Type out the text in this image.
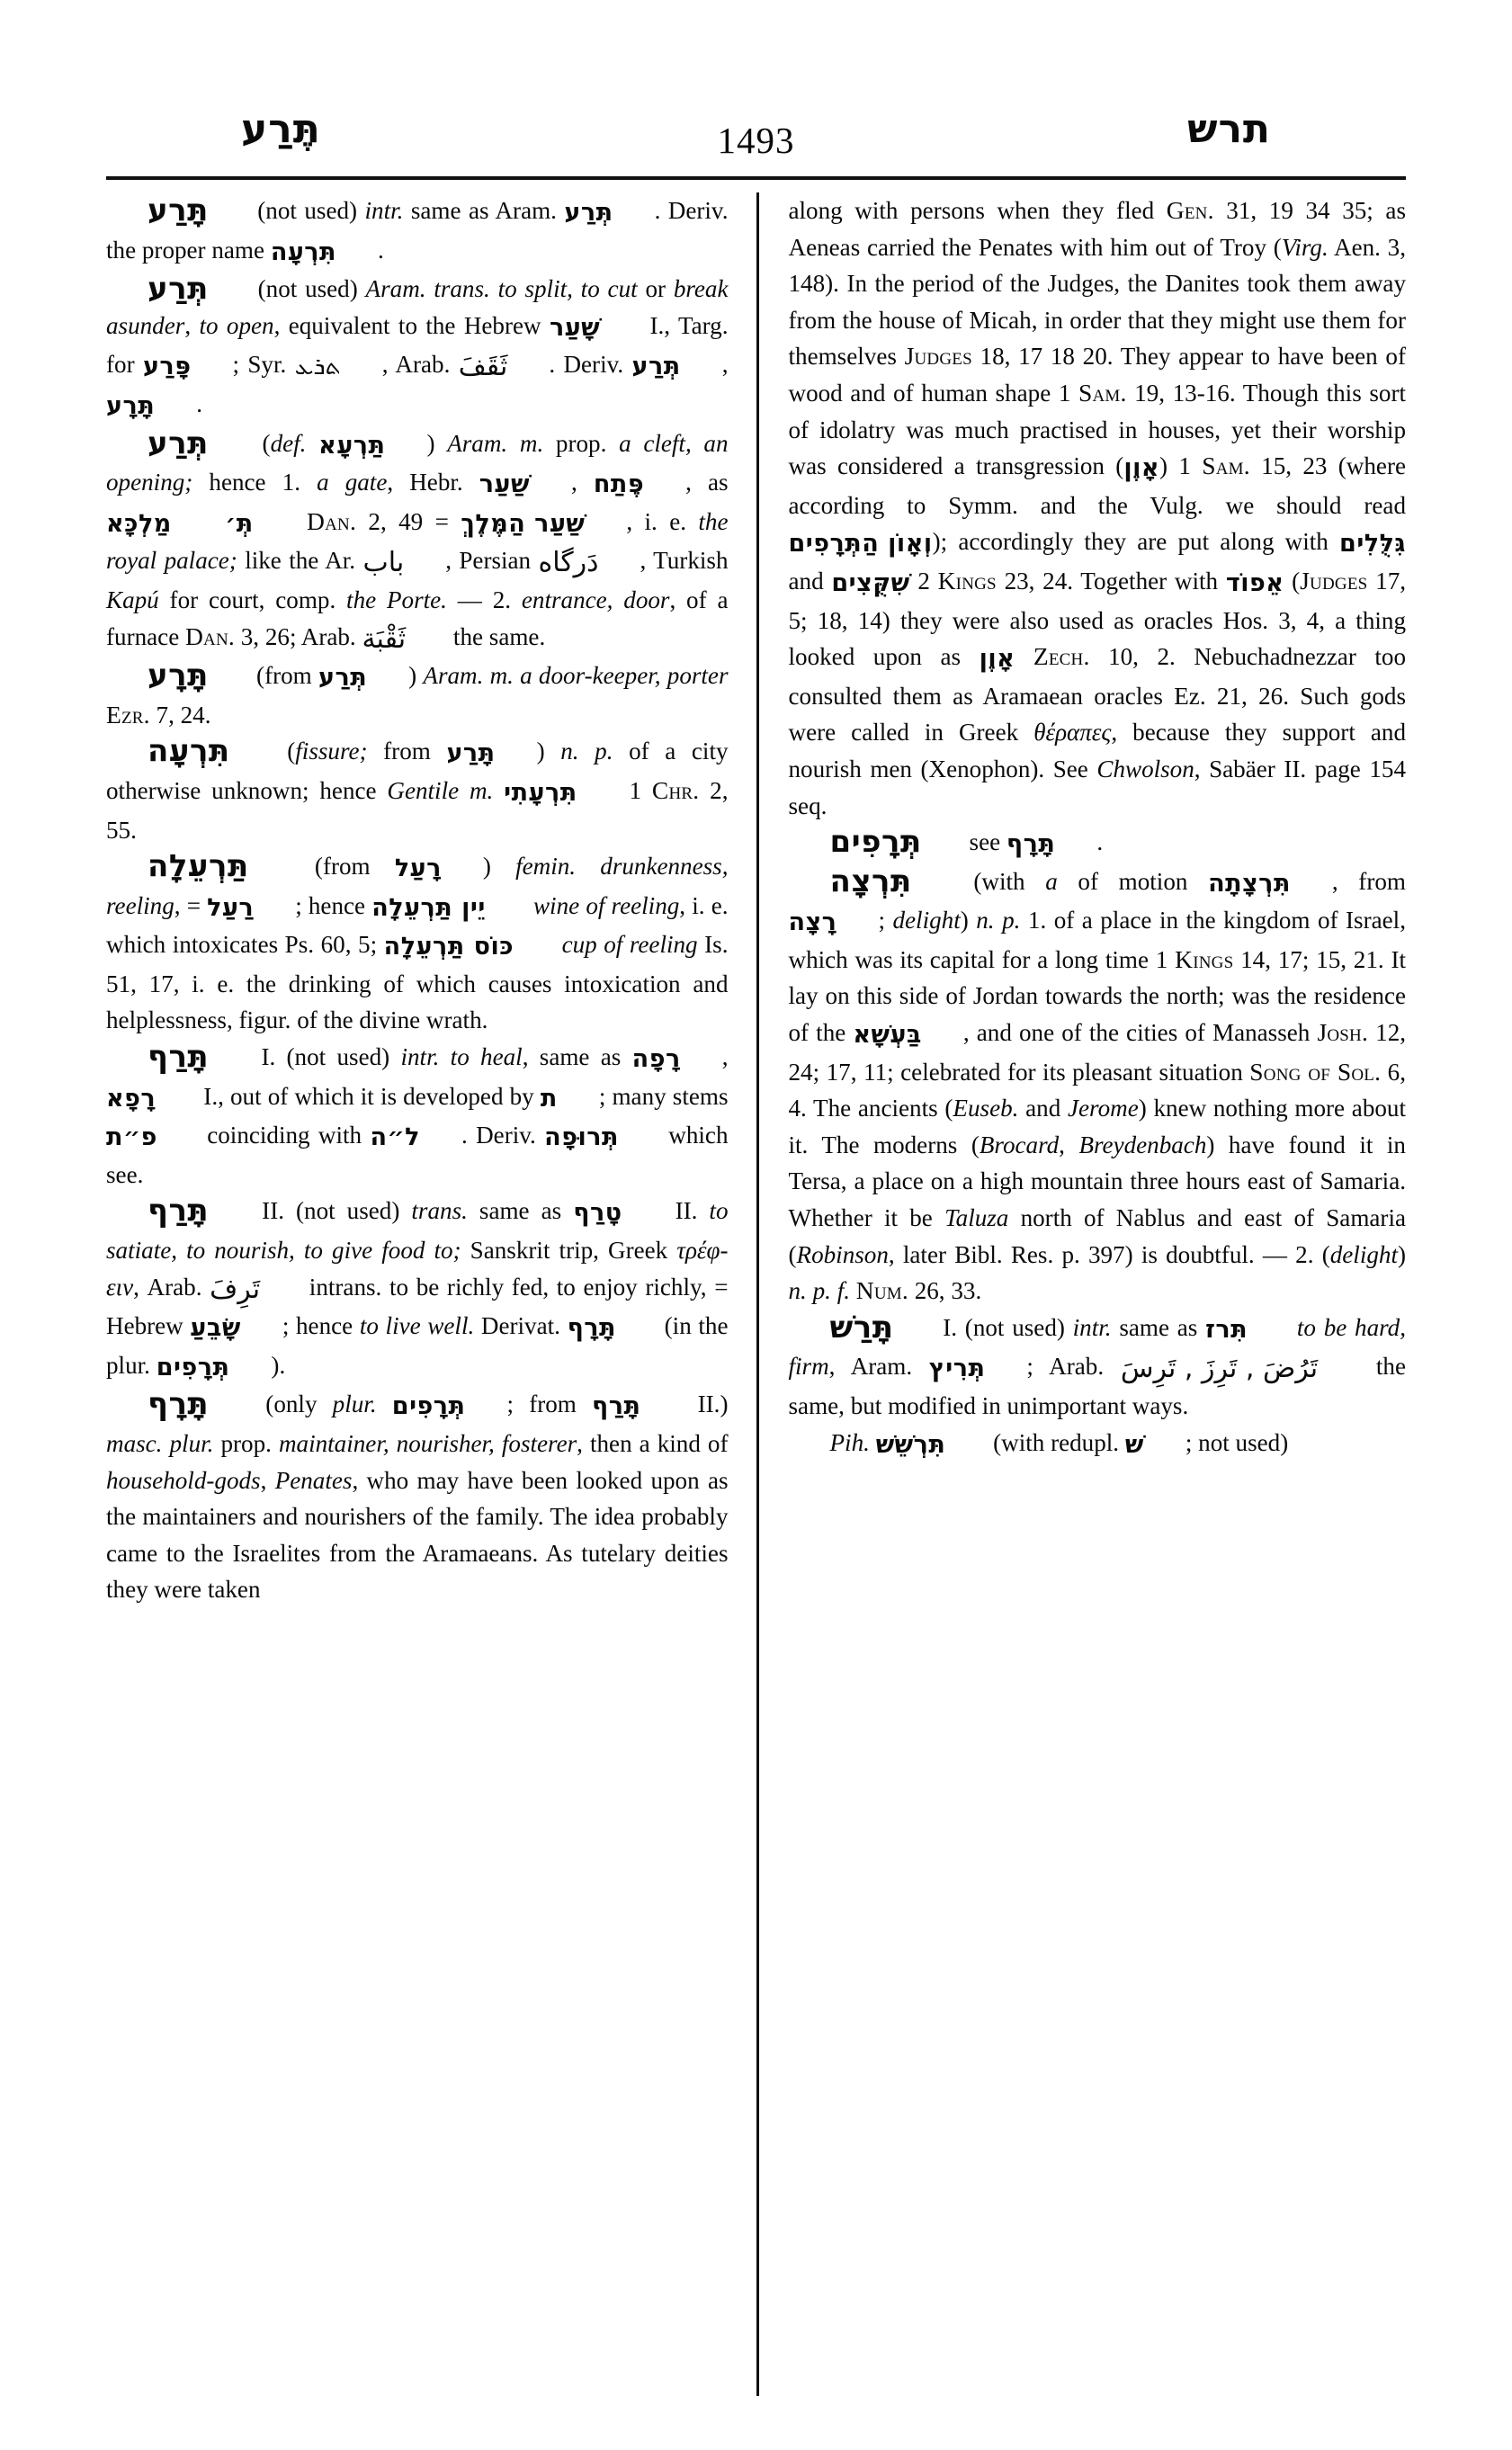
תֶּרַע	1493	תרש

תָּרַע (not used) intr. same as Aram. תְּרַע . Deriv. the proper name תִּרְעָה .

תְּרַע (not used) Aram. trans. to split, to cut or break asunder, to open, equivalent to the Hebrew שָׁעַר I., Targ. for פָּרַע ; Syr. ܬܪܥ , Arab. ثَقَفَ . Deriv. תְּרַע , תָּרָע .

תְּרַע (def. תַּרְעָא ) Aram. m. prop. a cleft, an opening; hence 1. a gate, Hebr. שַׁעַר , פֶּתַח , as מַלְכָּא תְּ׳ Dan. 2, 49 = שַׁעַר הַמֶּלֶךְ , i. e. the royal palace; like the Ar. باب , Persian دَرگاه , Turkish Kapú for court, comp. the Porte. — 2. entrance, door, of a furnace Dan. 3, 26; Arab. ثَقْبَة the same.

תָּרָע (from תְּרַע ) Aram. m. a door-keeper, porter Ezr. 7, 24.

תִּרְעָה (fissure; from תָּרַע ) n. p. of a city otherwise unknown; hence Gentile m. תִּרְעָתִי 1 Chr. 2, 55.

תַּרְעֵלָה (from רָעַל ) femin. drunkenness, reeling, = רַעַל ; hence יֵין תַּרְעֵלָה wine of reeling, i. e. which intoxicates Ps. 60, 5; כּוֹס תַּרְעֵלָה cup of reeling Is. 51, 17, i. e. the drinking of which causes intoxication and helplessness, figur. of the divine wrath.

תָּרַף I. (not used) intr. to heal, same as רָפָה , רָפָא I., out of which it is developed by ת ; many stems פ״ת coinciding with ל״ה . Deriv. תְּרוּפָה which see.

תָּרַף II. (not used) trans. same as טָרַף II. to satiate, to nourish, to give food to; Sanskrit trip, Greek τρέφ-ειν, Arab. تَرِفَ intrans. to be richly fed, to enjoy richly, = Hebrew שָׂבֵעַ ; hence to live well. Derivat. תָּרָף (in the plur. תְּרָפִים ).

תָּרָף (only plur. תְּרָפִים ; from תָּרַף II.) masc. plur. prop. maintainer, nourisher, fosterer, then a kind of household-gods, Penates, who may have been looked upon as the maintainers and nourishers of the family. The idea probably came to the Israelites from the Aramaeans. As tutelary deities they were taken

along with persons when they fled Gen. 31, 19 34 35; as Aeneas carried the Penates with him out of Troy (Virg. Aen. 3, 148). In the period of the Judges, the Danites took them away from the house of Micah, in order that they might use them for themselves Judges 18, 17 18 20. They appear to have been of wood and of human shape 1 Sam. 19, 13-16. Though this sort of idolatry was much practised in houses, yet their worship was considered a transgression (אָוֶן) 1 Sam. 15, 23 (where according to Symm. and the Vulg. we should read וְאָוֹן הַתְּרָפִים); accordingly they are put along with גִּלֻּלִים and שִׁקֻּצִים 2 Kings 23, 24. Together with אֵפוֹד (Judges 17, 5; 18, 14) they were also used as oracles Hos. 3, 4, a thing looked upon as אָוֶן Zech. 10, 2. Nebuchadnezzar too consulted them as Aramaean oracles Ez. 21, 26. Such gods were called in Greek θέραπες, because they support and nourish men (Xenophon). See Chwolson, Sabäer II. page 154 seq.

תְּרָפִים see תָּרָף .

תִּרְצָה (with a of motion תִּרְצָתָה , from רָצָה ; delight) n. p. 1. of a place in the kingdom of Israel, which was its capital for a long time 1 Kings 14, 17; 15, 21. It lay on this side of Jordan towards the north; was the residence of the בַּעְשָׁא , and one of the cities of Manasseh Josh. 12, 24; 17, 11; celebrated for its pleasant situation Song of Sol. 6, 4. The ancients (Euseb. and Jerome) knew nothing more about it. The moderns (Brocard, Breydenbach) have found it in Tersa, a place on a high mountain three hours east of Samaria. Whether it be Taluza north of Nablus and east of Samaria (Robinson, later Bibl. Res. p. 397) is doubtful. — 2. (delight) n. p. f. Num. 26, 33.

תָּרַשׁ I. (not used) intr. same as תִּרז to be hard, firm, Aram. תְּרִיץ ; Arab. تَرُضَ , تَرِزَ , تَرِسَ the same, but modified in unimportant ways.

Pih. תִּרְשֵׁשׁ (with redupl. שׁ ; not used)
